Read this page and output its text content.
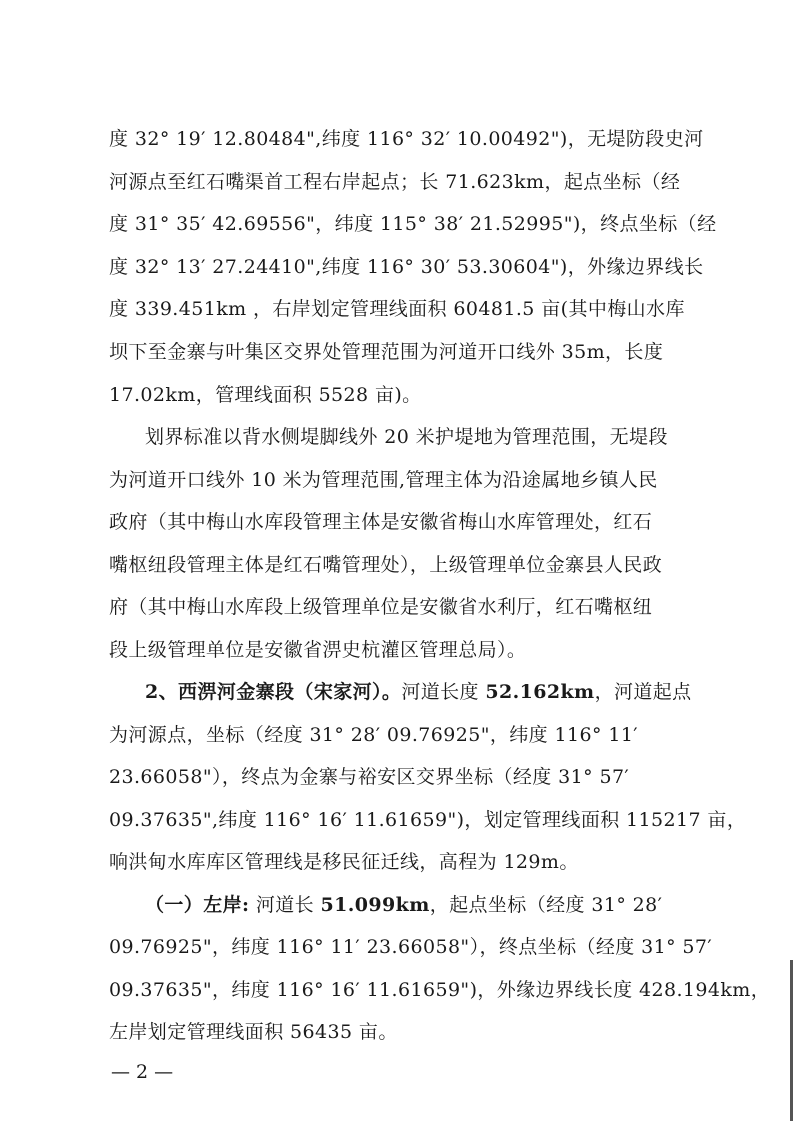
度 32° 19′ 12.80484",纬度 116° 32′ 10.00492")，无堤防段史河
河源点至红石嘴渠首工程右岸起点；长 71.623km，起点坐标（经
度 31° 35′ 42.69556"，纬度 115° 38′ 21.52995")，终点坐标（经
度 32° 13′ 27.24410",纬度 116° 30′ 53.30604")，外缘边界线长
度 339.451km ，右岸划定管理线面积 60481.5 亩(其中梅山水库
坝下至金寨与叶集区交界处管理范围为河道开口线外 35m，长度
17.02km，管理线面积 5528 亩)。
划界标准以背水侧堤脚线外 20 米护堤地为管理范围，无堤段
为河道开口线外 10 米为管理范围,管理主体为沿途属地乡镇人民
政府（其中梅山水库段管理主体是安徽省梅山水库管理处，红石
嘴枢纽段管理主体是红石嘴管理处），上级管理单位金寨县人民政
府（其中梅山水库段上级管理单位是安徽省水利厅，红石嘴枢纽
段上级管理单位是安徽省淠史杭灌区管理总局）。
2、西淠河金寨段（宋家河）。河道长度 52.162km，河道起点
为河源点，坐标（经度 31° 28′ 09.76925"，纬度 116° 11′
23.66058"），终点为金寨与裕安区交界坐标（经度 31° 57′
09.37635",纬度 116° 16′ 11.61659")，划定管理线面积 115217 亩，
响洪甸水库库区管理线是移民征迁线，高程为 129m。
（一）左岸: 河道长 51.099km，起点坐标（经度 31° 28′
09.76925"，纬度 116° 11′ 23.66058"），终点坐标（经度 31° 57′
09.37635"，纬度 116° 16′ 11.61659")，外缘边界线长度 428.194km，
左岸划定管理线面积 56435 亩。
— 2 —
